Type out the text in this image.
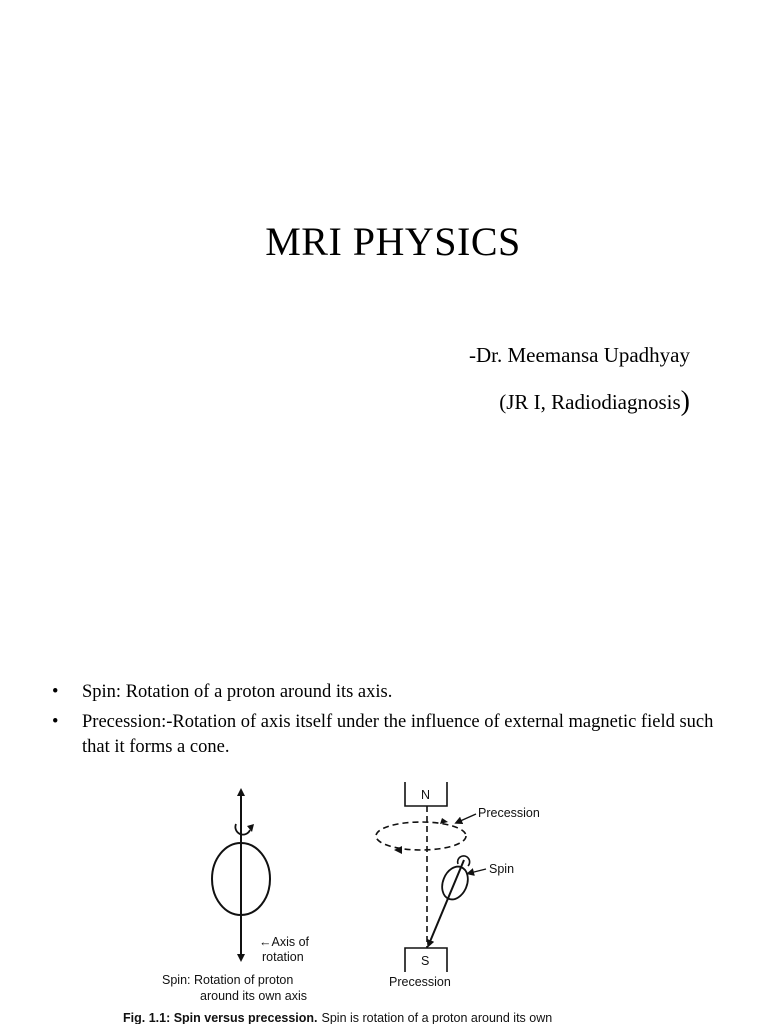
MRI PHYSICS
-Dr. Meemansa Upadhyay
(JR I, Radiodiagnosis)
• Spin: Rotation of a proton around its axis.
• Precession:-Rotation of axis itself under the influence of external magnetic field such that it forms a cone.
←Axis of
rotation
Spin: Rotation of proton
around its own axis
N
Precession
Spin
S
Precession
Fig. 1.1: Spin versus precession. Spin is rotation of a proton around its own
